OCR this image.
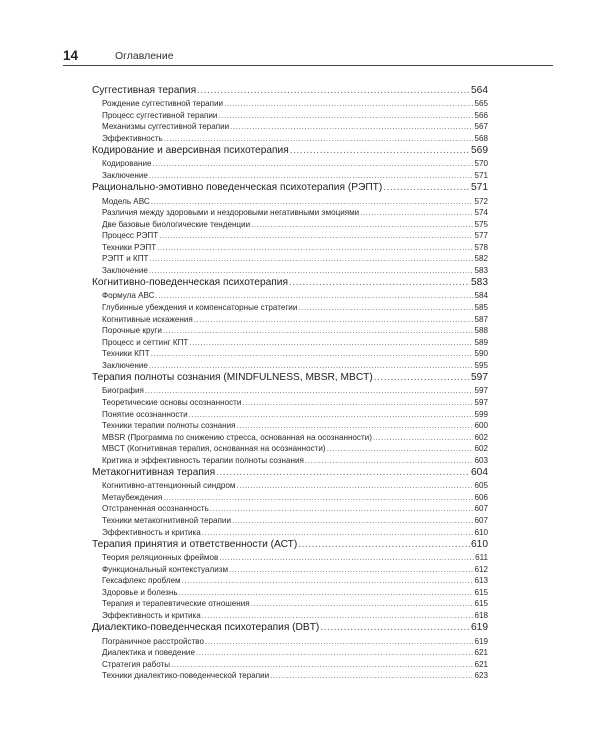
14	Оглавление
Суггестивная терапия .....	564
Рождение суггестивной терапии .....	565
Процесс суггестивной терапии .....	566
Механизмы суггестивной терапии .....	567
Эффективность .....	568
Кодирование и аверсивная психотерапия .....	569
Кодирование .....	570
Заключение .....	571
Рационально-эмотивно поведенческая психотерапия (РЭПТ) .....	571
Модель АВС .....	572
Различия между здоровыми и нездоровыми негативными эмоциями .....	574
Две базовые биологические тенденции .....	575
Процесс РЭПТ .....	577
Техники РЭПТ .....	578
РЭПТ и КПТ .....	582
Заключение .....	583
Когнитивно-поведенческая психотерапия .....	583
Формула АВС .....	584
Глубинные убеждения и компенсаторные стратегии .....	585
Когнитивные искажения .....	587
Порочные круги .....	588
Процесс и сеттинг КПТ .....	589
Техники КПТ .....	590
Заключение .....	595
Терапия полноты сознания (MINDFULNESS, MBSR, MBCT) .....	597
Биография .....	597
Теоретические основы осознанности .....	597
Понятие осознанности .....	599
Техники терапии полноты сознания .....	600
MBSR (Программа по снижению стресса, основанная на осознанности) .....	602
MBCT (Когнитивная терапия, основанная на осознанности) .....	602
Критика и эффективность терапии полноты сознания .....	603
Метакогнитивная терапия .....	604
Когнитивно-аттенционный синдром .....	605
Метаубеждения .....	606
Отстраненная осознанность .....	607
Техники метакогнитивной терапии .....	607
Эффективность и критика .....	610
Терапия принятия и ответственности (АСТ) .....	610
Теория реляционных фреймов .....	611
Функциональный контекстуализм .....	612
Гексафлекс проблем .....	613
Здоровье и болезнь .....	615
Терапия и терапевтические отношения .....	615
Эффективность и критика .....	618
Диалектико-поведенческая психотерапия (DBT) .....	619
Пограничное расстройство .....	619
Диалектика и поведение .....	621
Стратегия работы .....	621
Техники диалектико-поведенческой терапии .....	623
